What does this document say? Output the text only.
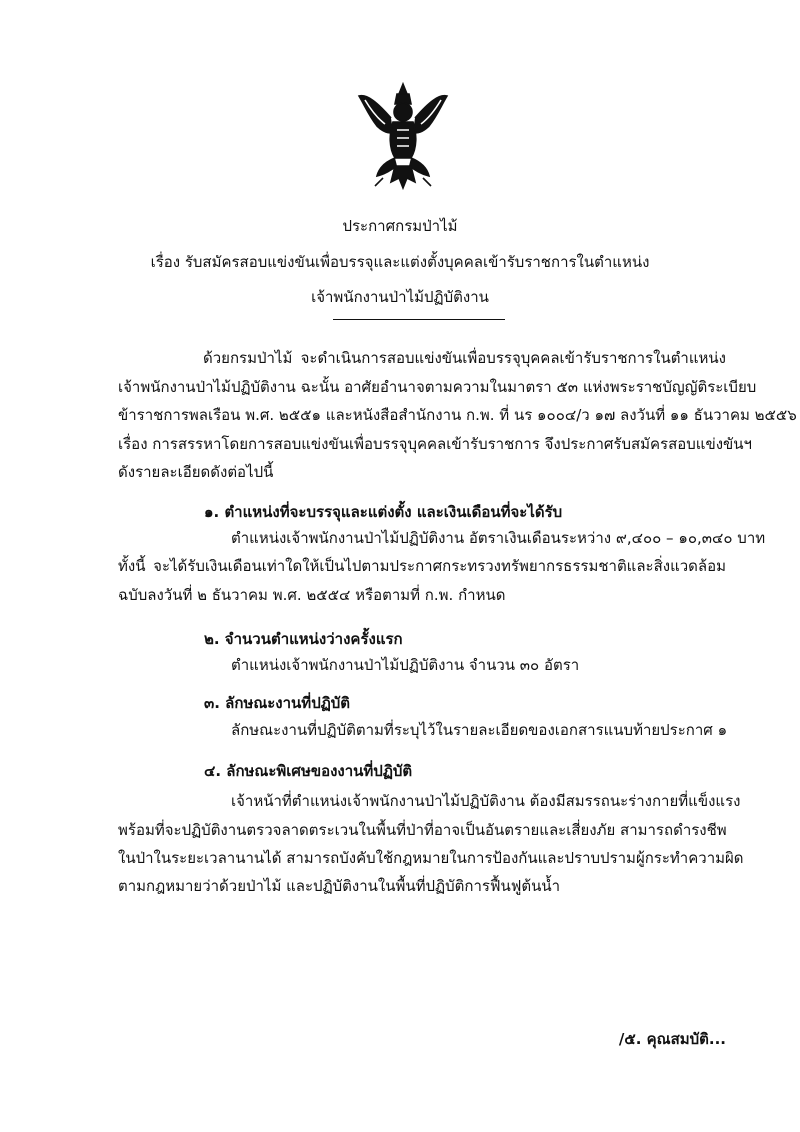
ประกาศกรมป่าไม้
เรื่อง รับสมัครสอบแข่งขันเพื่อบรรจุและแต่งตั้งบุคคลเข้ารับราชการในตำแหน่ง
เจ้าพนักงานป่าไม้ปฏิบัติงาน
ด้วยกรมป่าไม้ จะดำเนินการสอบแข่งขันเพื่อบรรจุบุคคลเข้ารับราชการในตำแหน่ง
เจ้าพนักงานป่าไม้ปฏิบัติงาน ฉะนั้น อาศัยอำนาจตามความในมาตรา ๕๓ แห่งพระราชบัญญัติระเบียบ
ข้าราชการพลเรือน พ.ศ. ๒๕๕๑ และหนังสือสำนักงาน ก.พ. ที่ นร ๑๐๐๔/ว ๑๗ ลงวันที่ ๑๑ ธันวาคม ๒๕๕๖
เรื่อง การสรรหาโดยการสอบแข่งขันเพื่อบรรจุบุคคลเข้ารับราชการ จึงประกาศรับสมัครสอบแข่งขันฯ
ดังรายละเอียดดังต่อไปนี้
๑. ตำแหน่งที่จะบรรจุและแต่งตั้ง และเงินเดือนที่จะได้รับ
ตำแหน่งเจ้าพนักงานป่าไม้ปฏิบัติงาน อัตราเงินเดือนระหว่าง ๙,๔๐๐ – ๑๐,๓๔๐ บาท
ทั้งนี้ จะได้รับเงินเดือนเท่าใดให้เป็นไปตามประกาศกระทรวงทรัพยากรธรรมชาติและสิ่งแวดล้อม
ฉบับลงวันที่ ๒ ธันวาคม พ.ศ. ๒๕๕๔ หรือตามที่ ก.พ. กำหนด
๒. จำนวนตำแหน่งว่างครั้งแรก
ตำแหน่งเจ้าพนักงานป่าไม้ปฏิบัติงาน จำนวน ๓๐ อัตรา
๓. ลักษณะงานที่ปฏิบัติ
ลักษณะงานที่ปฏิบัติตามที่ระบุไว้ในรายละเอียดของเอกสารแนบท้ายประกาศ ๑
๔. ลักษณะพิเศษของงานที่ปฏิบัติ
เจ้าหน้าที่ตำแหน่งเจ้าพนักงานป่าไม้ปฏิบัติงาน ต้องมีสมรรถนะร่างกายที่แข็งแรง
พร้อมที่จะปฏิบัติงานตรวจลาดตระเวนในพื้นที่ป่าที่อาจเป็นอันตรายและเสี่ยงภัย สามารถดำรงชีพ
ในป่าในระยะเวลานานได้ สามารถบังคับใช้กฎหมายในการป้องกันและปราบปรามผู้กระทำความผิด
ตามกฎหมายว่าด้วยป่าไม้ และปฏิบัติงานในพื้นที่ปฏิบัติการฟื้นฟูต้นน้ำ
/๕. คุณสมบัติ...
